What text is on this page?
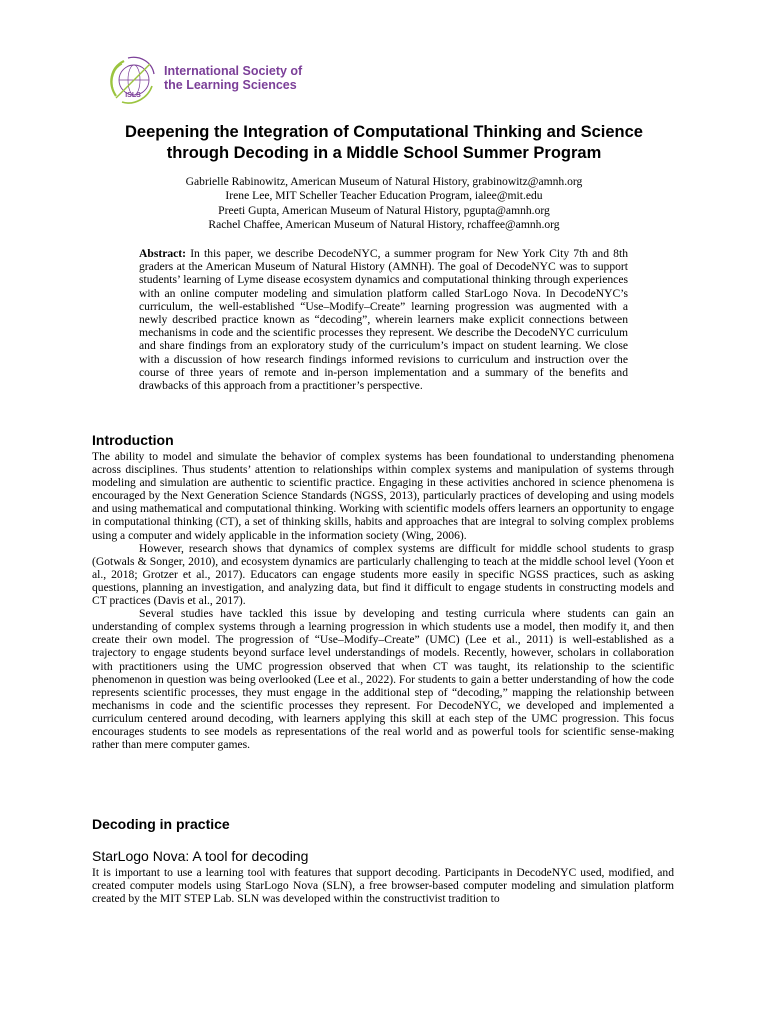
ISLS
International Society of
the Learning Sciences
Deepening the Integration of Computational Thinking and Science
through Decoding in a Middle School Summer Program
Gabrielle Rabinowitz, American Museum of Natural History, grabinowitz@amnh.org
Irene Lee, MIT Scheller Teacher Education Program, ialee@mit.edu
Preeti Gupta, American Museum of Natural History, pgupta@amnh.org
Rachel Chaffee, American Museum of Natural History, rchaffee@amnh.org
Abstract: In this paper, we describe DecodeNYC, a summer program for New York City 7th and 8th graders at the American Museum of Natural History (AMNH). The goal of DecodeNYC was to support students’ learning of Lyme disease ecosystem dynamics and computational thinking through experiences with an online computer modeling and simulation platform called StarLogo Nova. In DecodeNYC’s curriculum, the well-established “Use–Modify–Create” learning progression was augmented with a newly described practice known as “decoding”, wherein learners make explicit connections between mechanisms in code and the scientific processes they represent. We describe the DecodeNYC curriculum and share findings from an exploratory study of the curriculum’s impact on student learning. We close with a discussion of how research findings informed revisions to curriculum and instruction over the course of three years of remote and in-person implementation and a summary of the benefits and drawbacks of this approach from a practitioner’s perspective.
Introduction

The ability to model and simulate the behavior of complex systems has been foundational to understanding phenomena across disciplines. Thus students’ attention to relationships within complex systems and manipulation of systems through modeling and simulation are authentic to scientific practice. Engaging in these activities anchored in science phenomena is encouraged by the Next Generation Science Standards (NGSS, 2013), particularly practices of developing and using models and using mathematical and computational thinking. Working with scientific models offers learners an opportunity to engage in computational thinking (CT), a set of thinking skills, habits and approaches that are integral to solving complex problems using a computer and widely applicable in the information society (Wing, 2006).

However, research shows that dynamics of complex systems are difficult for middle school students to grasp (Gotwals & Songer, 2010), and ecosystem dynamics are particularly challenging to teach at the middle school level (Yoon et al., 2018; Grotzer et al., 2017). Educators can engage students more easily in specific NGSS practices, such as asking questions, planning an investigation, and analyzing data, but find it difficult to engage students in constructing models and CT practices (Davis et al., 2017).

Several studies have tackled this issue by developing and testing curricula where students can gain an understanding of complex systems through a learning progression in which students use a model, then modify it, and then create their own model. The progression of “Use–Modify–Create” (UMC) (Lee et al., 2011) is well-established as a trajectory to engage students beyond surface level understandings of models. Recently, however, scholars in collaboration with practitioners using the UMC progression observed that when CT was taught, its relationship to the scientific phenomenon in question was being overlooked (Lee et al., 2022). For students to gain a better understanding of how the code represents scientific processes, they must engage in the additional step of “decoding,” mapping the relationship between mechanisms in code and the scientific processes they represent. For DecodeNYC, we developed and implemented a curriculum centered around decoding, with learners applying this skill at each step of the UMC progression. This focus encourages students to see models as representations of the real world and as powerful tools for scientific sense-making rather than mere computer games.

Decoding in practice
StarLogo Nova: A tool for decoding

It is important to use a learning tool with features that support decoding. Participants in DecodeNYC used, modified, and created computer models using StarLogo Nova (SLN), a free browser-based computer modeling and simulation platform created by the MIT STEP Lab. SLN was developed within the constructivist tradition to
